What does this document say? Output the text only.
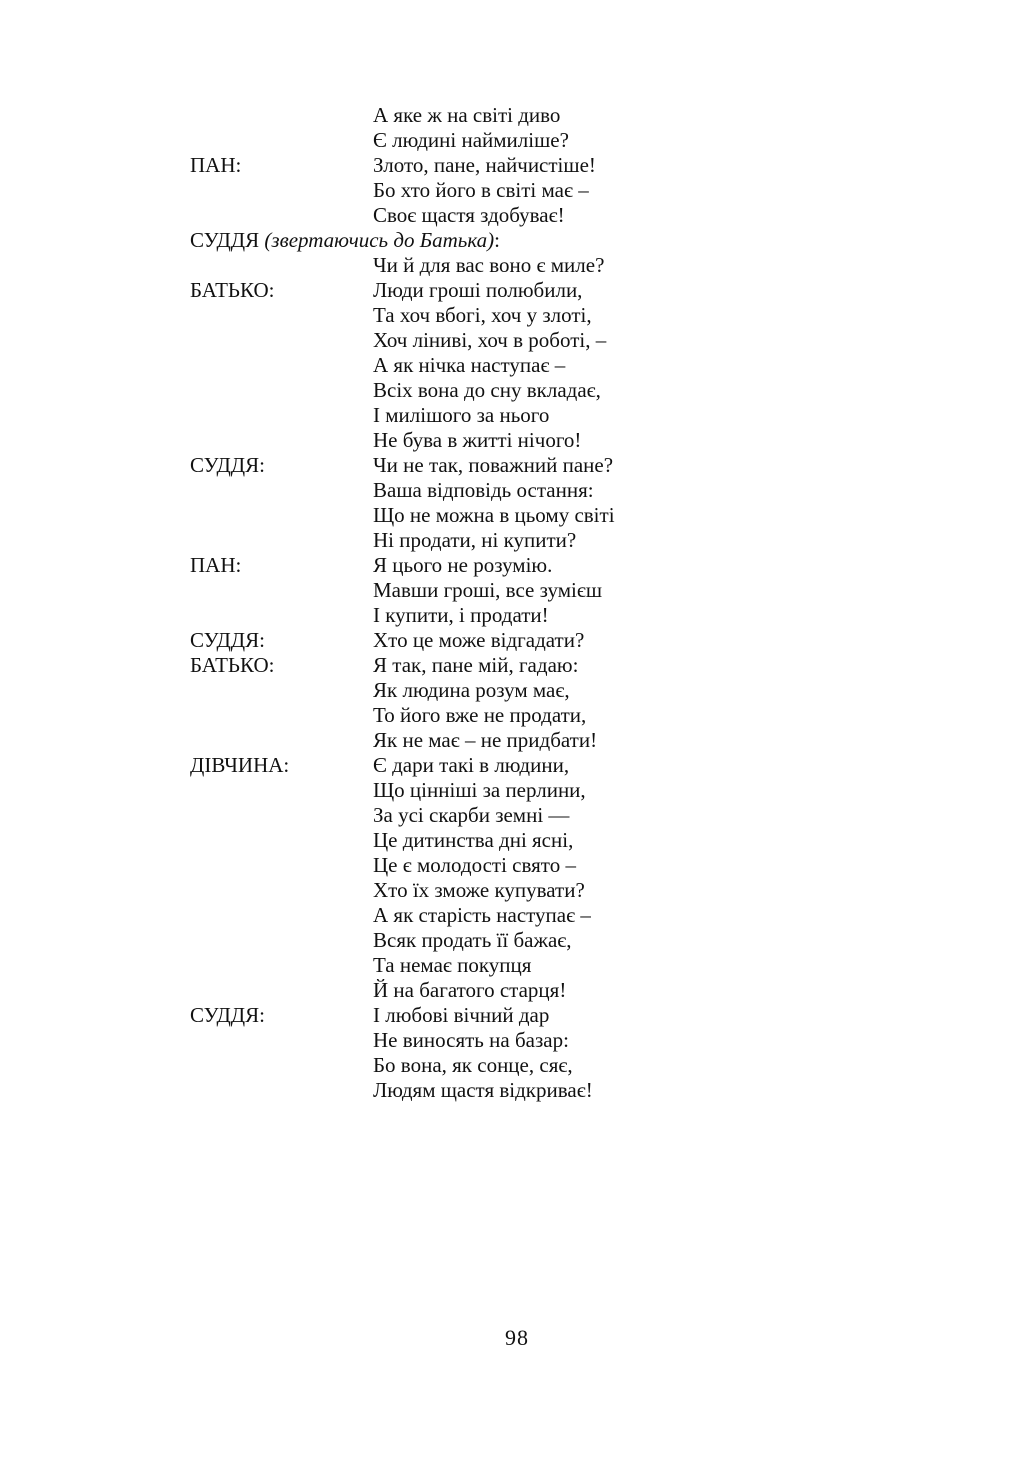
А яке ж на світі диво
Є людині наймиліше?
ПАН:	Злото, пане, найчистіше!
Бо хто його в світі має –
Своє щастя здобуває!
СУДДЯ (звертаючись до Батька):
Чи й для вас воно є миле?
БАТЬКО:	Люди гроші полюбили,
Та хоч вбогі, хоч у злоті,
Хоч ліниві, хоч в роботі, –
А як нічка наступає –
Всіх вона до сну вкладає,
І милішого за нього
Не бува в житті нічого!
СУДДЯ:	Чи не так, поважний пане?
Ваша відповідь остання:
Що не можна в цьому світі
Ні продати, ні купити?
ПАН:	Я цього не розумію.
Мавши гроші, все зумієш
І купити, і продати!
СУДДЯ:	Хто це може відгадати?
БАТЬКО:	Я так, пане мій, гадаю:
Як людина розум має,
То його вже не продати,
Як не має – не придбати!
ДІВЧИНА:	Є дари такі в людини,
Що цінніші за перлини,
За усі скарби земні —
Це дитинства дні ясні,
Це є молодості свято –
Хто їх зможе купувати?
А як старість наступає –
Всяк продать її бажає,
Та немає покупця
Й на багатого старця!
СУДДЯ:	І любові вічний дар
Не виносять на базар:
Бо вона, як сонце, сяє,
Людям щастя відкриває!
98
